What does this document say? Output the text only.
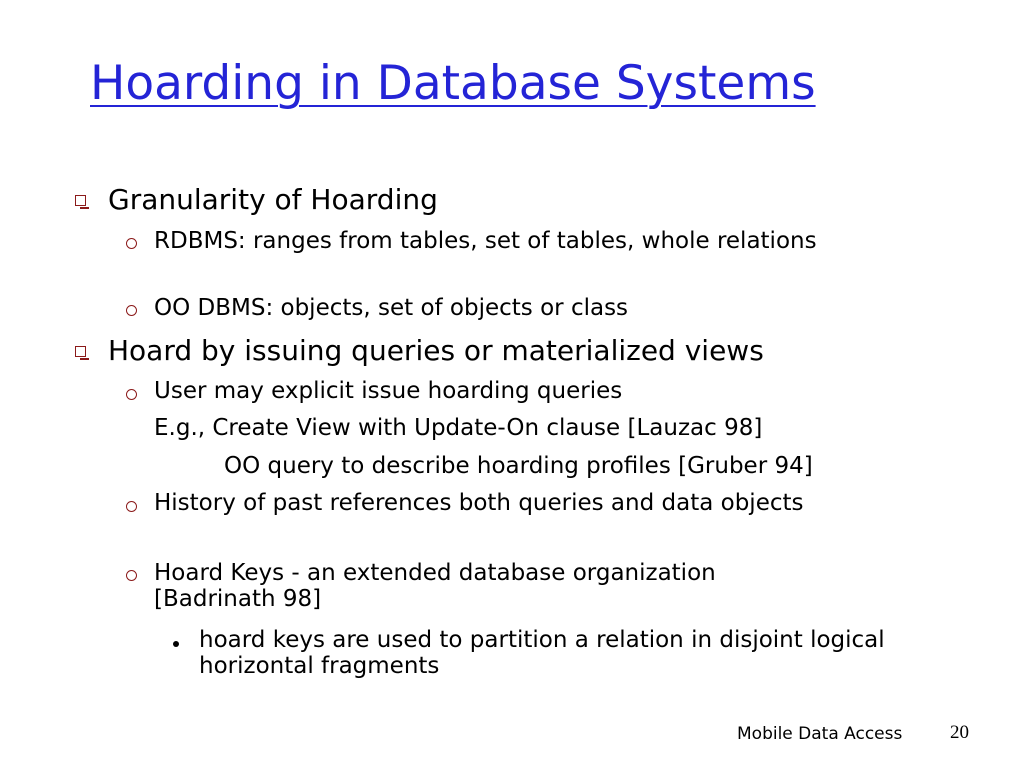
Hoarding in Database Systems

Granularity of Hoarding

RDBMS: ranges from tables, set of tables, whole relations

OO DBMS: objects, set of objects or class

Hoard by issuing queries or materialized views

User may explicit issue hoarding queries

E.g., Create View with Update-On clause [Lauzac 98]

OO query to describe hoarding profiles [Gruber 94]

History of past references both queries and data objects

Hoard Keys - an extended database organization [Badrinath 98]

hoard keys are used to partition a relation in disjoint logical horizontal fragments

Mobile Data Access	20
